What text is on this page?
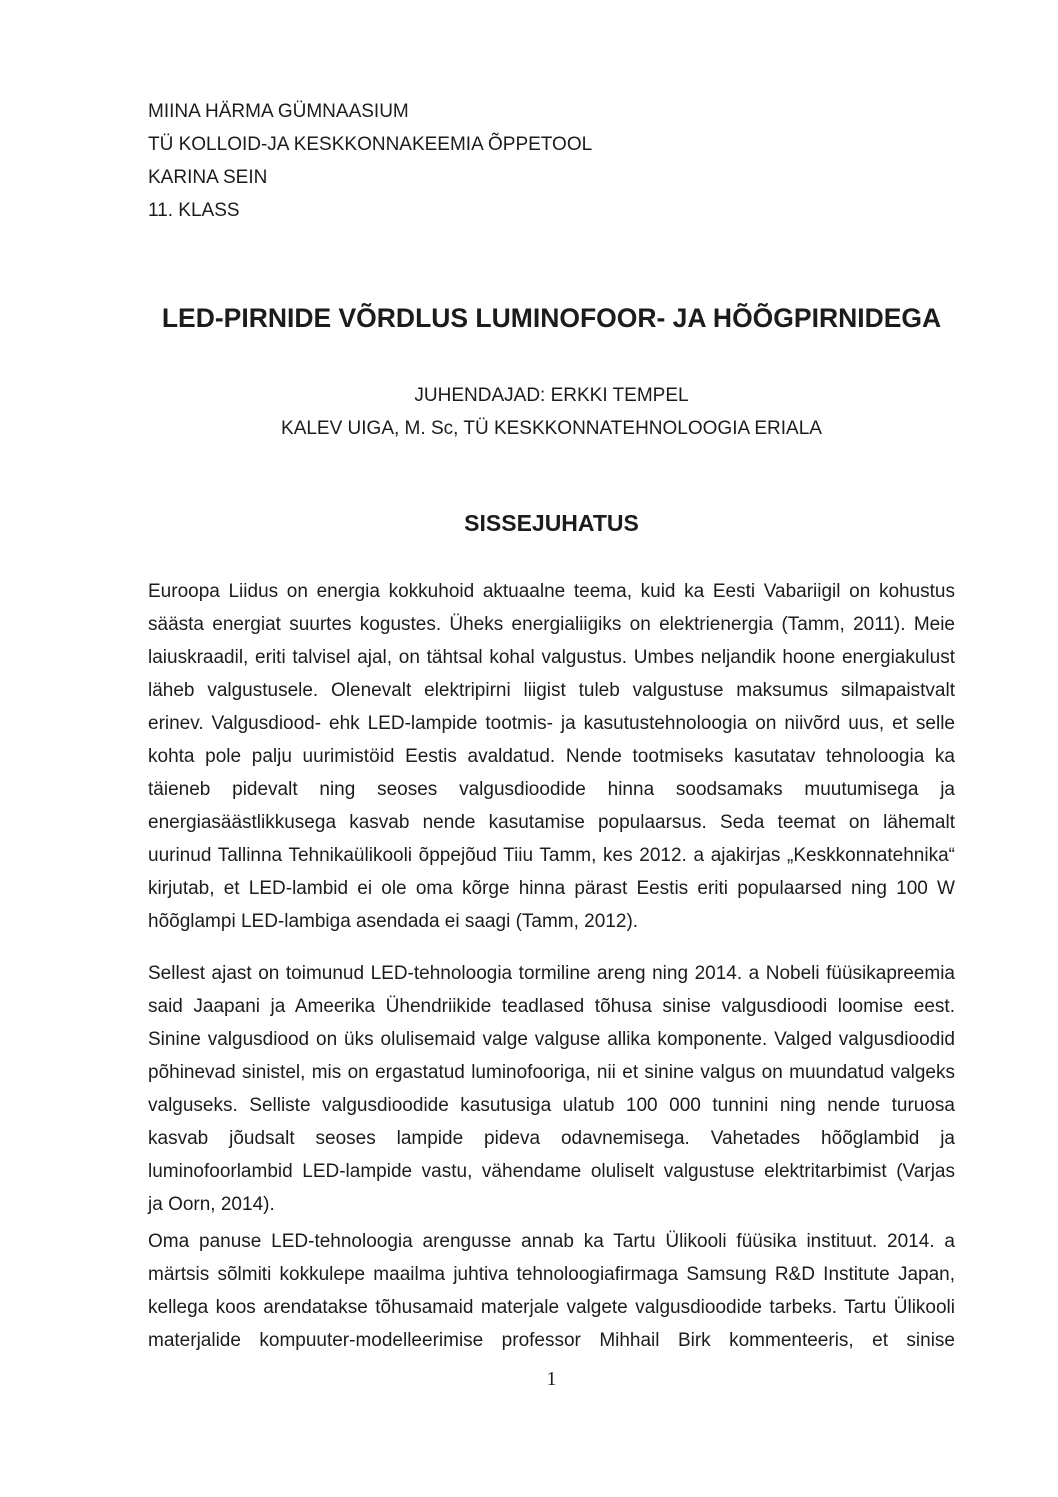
MIINA HÄRMA GÜMNAASIUM
TÜ KOLLOID-JA KESKKONNAKEEMIA ÕPPETOOL
KARINA SEIN
11. KLASS
LED-PIRNIDE VÕRDLUS LUMINOFOOR- JA HÕÕGPIRNIDEGA
JUHENDAJAD: ERKKI TEMPEL
KALEV UIGA, M. Sc, TÜ KESKKONNATEHNOLOOGIA ERIALA
SISSEJUHATUS

Euroopa Liidus on energia kokkuhoid aktuaalne teema, kuid ka Eesti Vabariigil on kohustus
säästa energiat suurtes kogustes. Üheks energialiigiks on elektrienergia (Tamm, 2011). Meie
laiuskraadil, eriti talvisel ajal, on tähtsal kohal valgustus. Umbes neljandik hoone energiakulust
läheb valgustusele. Olenevalt elektripirni liigist tuleb valgustuse maksumus silmapaistvalt
erinev. Valgusdiood- ehk LED-lampide tootmis- ja kasutustehnoloogia on niivõrd uus, et selle
kohta pole palju uurimistöid Eestis avaldatud. Nende tootmiseks kasutatav tehnoloogia ka
täieneb pidevalt ning seoses valgusdioodide hinna soodsamaks muutumisega ja
energiasäästlikkusega kasvab nende kasutamise populaarsus. Seda teemat on lähemalt
uurinud Tallinna Tehnikaülikooli õppejõud Tiiu Tamm, kes 2012. a ajakirjas „Keskkonnatehnika“
kirjutab, et LED-lambid ei ole oma kõrge hinna pärast Eestis eriti populaarsed ning 100 W
hõõglampi LED-lambiga asendada ei saagi (Tamm, 2012).

Sellest ajast on toimunud LED-tehnoloogia tormiline areng ning 2014. a Nobeli füüsikapreemia
said Jaapani ja Ameerika Ühendriikide teadlased tõhusa sinise valgusdioodi loomise eest.
Sinine valgusdiood on üks olulisemaid valge valguse allika komponente. Valged valgusdioodid
põhinevad sinistel, mis on ergastatud luminofooriga, nii et sinine valgus on muundatud valgeks
valguseks. Selliste valgusdioodide kasutusiga ulatub 100 000 tunnini ning nende turuosa
kasvab jõudsalt seoses lampide pideva odavnemisega. Vahetades hõõglambid ja
luminofoorlambid LED-lampide vastu, vähendame oluliselt valgustuse elektritarbimist (Varjas
ja Oorn, 2014).

Oma panuse LED-tehnoloogia arengusse annab ka Tartu Ülikooli füüsika instituut. 2014. a
märtsis sõlmiti kokkulepe maailma juhtiva tehnoloogiafirmaga Samsung R&D Institute Japan,
kellega koos arendatakse tõhusamaid materjale valgete valgusdioodide tarbeks. Tartu Ülikooli
materjalide kompuuter-modelleerimise professor Mihhail Birk kommenteeris, et sinise

1
